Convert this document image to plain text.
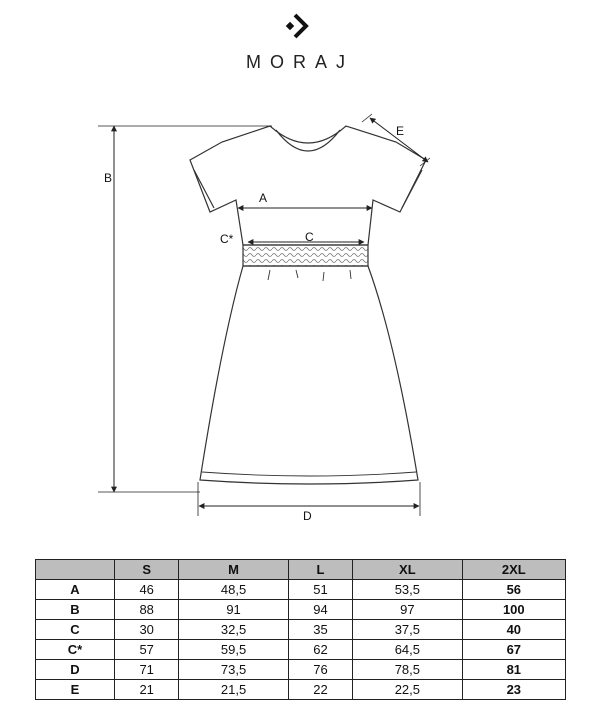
MORAJ
B
A
C*	C
D
E
	S	M	L	XL	2XL
A	46	48,5	51	53,5	56
B	88	91	94	97	100
C	30	32,5	35	37,5	40
C*	57	59,5	62	64,5	67
D	71	73,5	76	78,5	81
E	21	21,5	22	22,5	23
